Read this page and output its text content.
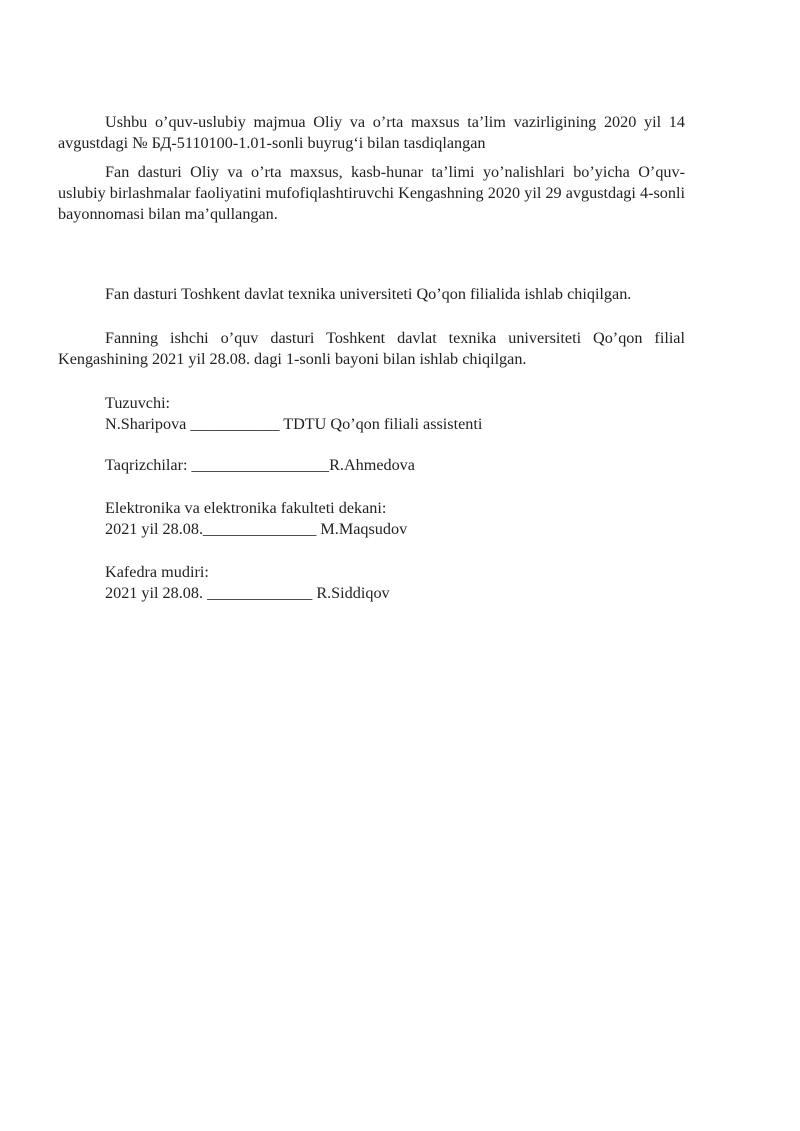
Ushbu o’quv-uslubiy majmua Oliy va o’rta maxsus ta’lim vazirligining 2020 yil 14 avgustdagi № БД-5110100-1.01-sonli buyrug‘i bilan tasdiqlangan

Fan dasturi Oliy va o’rta maxsus, kasb-hunar ta’limi yo’nalishlari bo’yicha O’quv-uslubiy birlashmalar faoliyatini mufofiqlashtiruvchi Kengashning 2020 yil 29 avgustdagi 4-sonli bayonnomasi bilan ma’qullangan.

Fan dasturi Toshkent davlat texnika universiteti Qo’qon filialida ishlab chiqilgan.

Fanning ishchi o’quv dasturi Toshkent davlat texnika universiteti Qo’qon filial Kengashining 2021 yil 28.08. dagi 1-sonli bayoni bilan ishlab chiqilgan.

Tuzuvchi:
N.Sharipova ___________ TDTU Qo’qon filiali assistenti
Taqrizchilar: _________________R.Ahmedova
Elektronika va elektronika fakulteti dekani:
2021 yil 28.08.______________ M.Maqsudov
Kafedra mudiri:
2021 yil 28.08. _____________ R.Siddiqov
